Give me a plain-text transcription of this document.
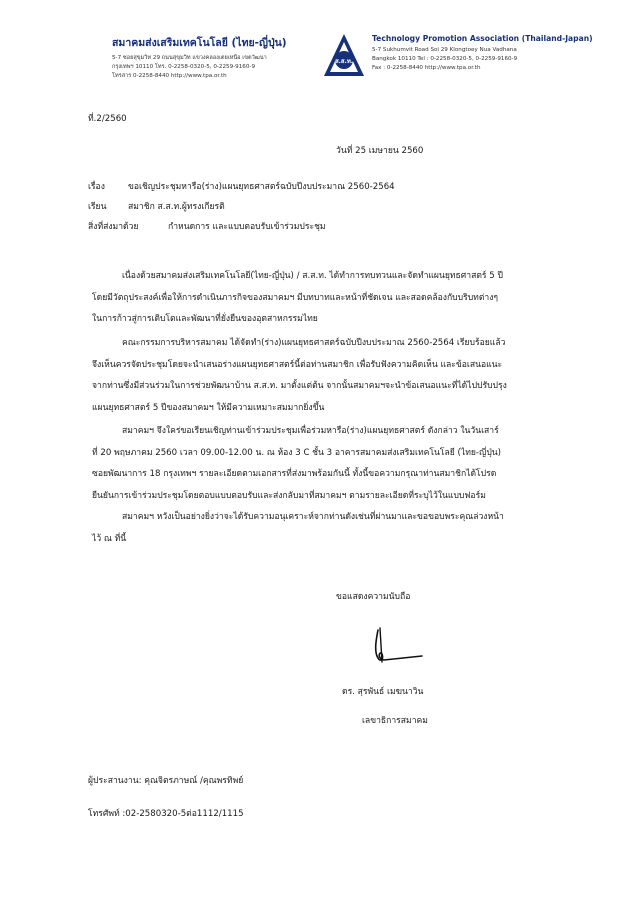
สมาคมส่งเสริมเทคโนโลยี (ไทย-ญี่ปุ่น)
5-7 ซอยสุขุมวิท 29 ถนนสุขุมวิท แขวงคลองเตยเหนือ เขตวัฒนา
กรุงเทพฯ 10110 โทร. 0-2258-0320-5, 0-2259-9160-9
โทรสาร 0-2258-8440 http://www.tpa.or.th
ส.ส.ท.
Technology Promotion Association (Thailand-Japan)
5-7 Sukhumvit Road Soi 29 Klongtoey Nua Vadhana
Bangkok 10110 Tel : 0-2258-0320-5, 0-2259-9160-9
Fax : 0-2258-8440 http://www.tpa.or.th
ที่.2/2560
วันที่ 25 เมษายน 2560
เรื่อง	ขอเชิญประชุมหารือ(ร่าง)แผนยุทธศาสตร์ฉบับปีงบประมาณ 2560-2564
เรียน	สมาชิก ส.ส.ท.ผู้ทรงเกียรติ
สิ่งที่ส่งมาด้วย	กำหนดการ และแบบตอบรับเข้าร่วมประชุม
เนื่องด้วยสมาคมส่งเสริมเทคโนโลยี(ไทย-ญี่ปุ่น) / ส.ส.ท. ได้ทำการทบทวนและจัดทำแผนยุทธศาสตร์ 5 ปี
โดยมีวัตถุประสงค์เพื่อให้การดำเนินภารกิจของสมาคมฯ มีบทบาทและหน้าที่ชัดเจน และสอดคล้องกับบริบทต่างๆ
ในการก้าวสู่การเติบโตและพัฒนาที่ยั่งยืนของอุตสาหกรรมไทย
คณะกรรมการบริหารสมาคม ได้จัดทำ(ร่าง)แผนยุทธศาสตร์ฉบับปีงบประมาณ 2560-2564 เรียบร้อยแล้ว
จึงเห็นควรจัดประชุมโดยจะนำเสนอร่างแผนยุทธศาสตร์นี้ต่อท่านสมาชิก เพื่อรับฟังความคิดเห็น และข้อเสนอแนะ
จากท่านซึ่งมีส่วนร่วมในการช่วยพัฒนาบ้าน ส.ส.ท. มาตั้งแต่ต้น จากนั้นสมาคมฯจะนำข้อเสนอแนะที่ได้ไปปรับปรุง
แผนยุทธศาสตร์ 5 ปีของสมาคมฯ ให้มีความเหมาะสมมากยิ่งขึ้น
สมาคมฯ จึงใคร่ขอเรียนเชิญท่านเข้าร่วมประชุมเพื่อร่วมหารือ(ร่าง)แผนยุทธศาสตร์ ดังกล่าว ในวันเสาร์
ที่ 20 พฤษภาคม 2560 เวลา 09.00-12.00 น. ณ ห้อง 3 C ชั้น 3 อาคารสมาคมส่งเสริมเทคโนโลยี (ไทย-ญี่ปุ่น)
ซอยพัฒนาการ 18 กรุงเทพฯ รายละเอียดตามเอกสารที่ส่งมาพร้อมกันนี้ ทั้งนี้ขอความกรุณาท่านสมาชิกได้โปรด
ยืนยันการเข้าร่วมประชุมโดยตอบแบบตอบรับและส่งกลับมาที่สมาคมฯ ตามรายละเอียดที่ระบุไว้ในแบบฟอร์ม
สมาคมฯ หวังเป็นอย่างยิ่งว่าจะได้รับความอนุเคราะห์จากท่านดังเช่นที่ผ่านมาและขอขอบพระคุณล่วงหน้า
ไว้ ณ ที่นี้
ขอแสดงความนับถือ
ดร. สุรพันธ์ เมฆนาวิน
เลขาธิการสมาคม
ผู้ประสานงาน: คุณจิตรภาษณ์ /คุณพรทิพย์
โทรศัพท์ :02-2580320-5ต่อ1112/1115
